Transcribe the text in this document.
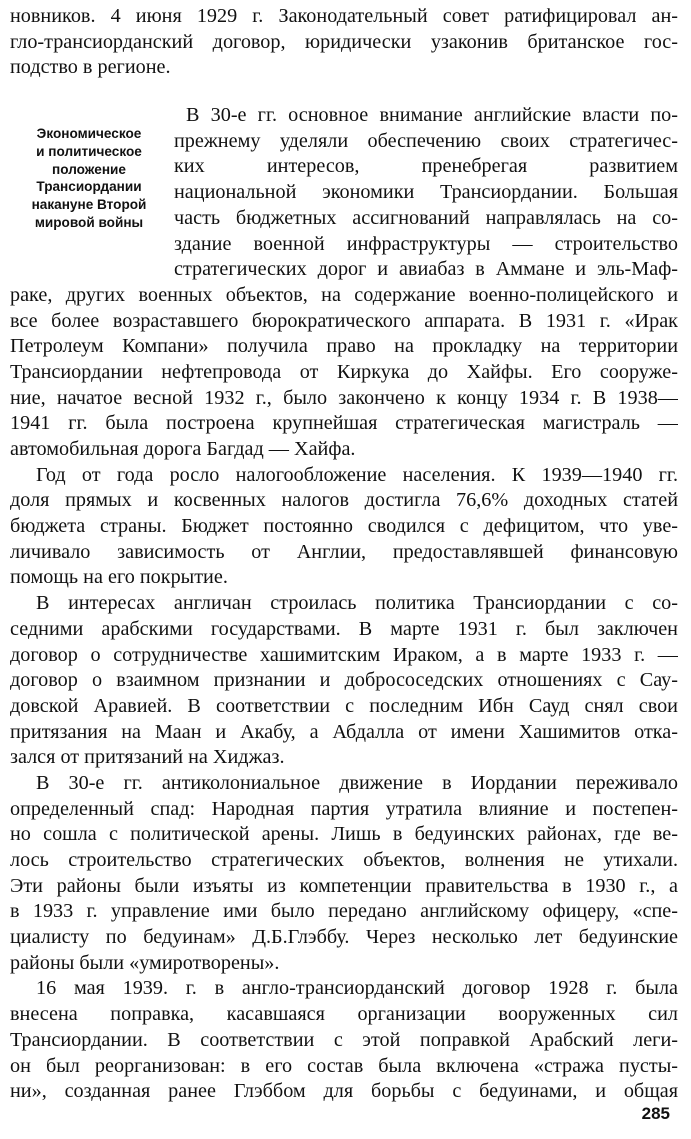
новников. 4 июня 1929 г. Законодательный совет ратифицировал ан-
гло-трансиорданский договор, юридически узаконив британское гос-
подство в регионе.
Экономическое
и политическое
положение
Трансиордании
накануне Второй
мировой войны
В 30-е гг. основное внимание английские власти по-
прежнему уделяли обеспечению своих стратегичес-
ких интересов, пренебрегая развитием
национальной экономики Трансиордании. Большая
часть бюджетных ассигнований направлялась на со-
здание военной инфраструктуры — строительство
стратегических дорог и авиабаз в Аммане и эль-Маф-
раке, других военных объектов, на содержание военно-полицейского и
все более возраставшего бюрократического аппарата. В 1931 г. «Ирак
Петролеум Компани» получила право на прокладку на территории
Трансиордании нефтепровода от Киркука до Хайфы. Его сооруже-
ние, начатое весной 1932 г., было закончено к концу 1934 г. В 1938—
1941 гг. была построена крупнейшая стратегическая магистраль —
автомобильная дорога Багдад — Хайфа.
Год от года росло налогообложение населения. К 1939—1940 гг.
доля прямых и косвенных налогов достигла 76,6% доходных статей
бюджета страны. Бюджет постоянно сводился с дефицитом, что уве-
личивало зависимость от Англии, предоставлявшей финансовую
помощь на его покрытие.
В интересах англичан строилась политика Трансиордании с со-
седними арабскими государствами. В марте 1931 г. был заключен
договор о сотрудничестве хашимитским Ираком, а в марте 1933 г. —
договор о взаимном признании и добрососедских отношениях с Сау-
довской Аравией. В соответствии с последним Ибн Сауд снял свои
притязания на Маан и Акабу, а Абдалла от имени Хашимитов отка-
зался от притязаний на Хиджаз.
В 30-е гг. антиколониальное движение в Иордании переживало
определенный спад: Народная партия утратила влияние и постепен-
но сошла с политической арены. Лишь в бедуинских районах, где ве-
лось строительство стратегических объектов, волнения не утихали.
Эти районы были изъяты из компетенции правительства в 1930 г., а
в 1933 г. управление ими было передано английскому офицеру, «спе-
циалисту по бедуинам» Д.Б.Глэббу. Через несколько лет бедуинские
районы были «умиротворены».
16 мая 1939. г. в англо-трансиорданский договор 1928 г. была
внесена поправка, касавшаяся организации вооруженных сил
Трансиордании. В соответствии с этой поправкой Арабский леги-
он был реорганизован: в его состав была включена «стража пусты-
ни», созданная ранее Глэббом для борьбы с бедуинами, и общая
285
